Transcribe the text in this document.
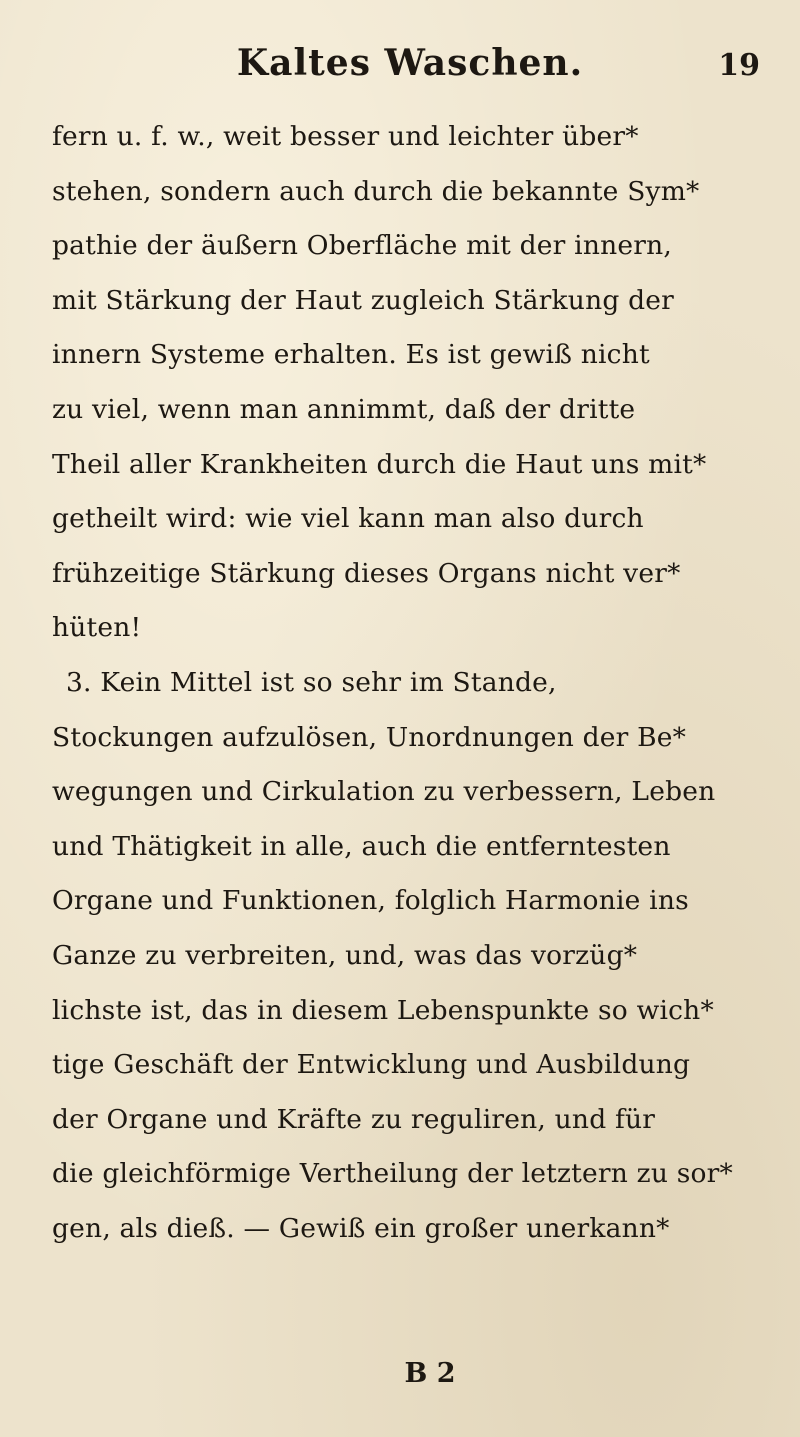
Kaltes Waschen.	19
fern u. f. w., weit besser und leichter über*
stehen, sondern auch durch die bekannte Sym*
pathie der äußern Oberfläche mit der innern,
mit Stärkung der Haut zugleich Stärkung der
innern Systeme erhalten. Es ist gewiß nicht
zu viel, wenn man annimmt, daß der dritte
Theil aller Krankheiten durch die Haut uns mit*
getheilt wird: wie viel kann man also durch
frühzeitige Stärkung dieses Organs nicht ver*
hüten!
3. Kein Mittel ist so sehr im Stande,
Stockungen aufzulösen, Unordnungen der Be*
wegungen und Cirkulation zu verbessern, Leben
und Thätigkeit in alle, auch die entferntesten
Organe und Funktionen, folglich Harmonie ins
Ganze zu verbreiten, und, was das vorzüg*
lichste ist, das in diesem Lebenspunkte so wich*
tige Geschäft der Entwicklung und Ausbildung
der Organe und Kräfte zu reguliren, und für
die gleichförmige Vertheilung der letztern zu sor*
gen, als dieß. — Gewiß ein großer unerkann*
B 2
